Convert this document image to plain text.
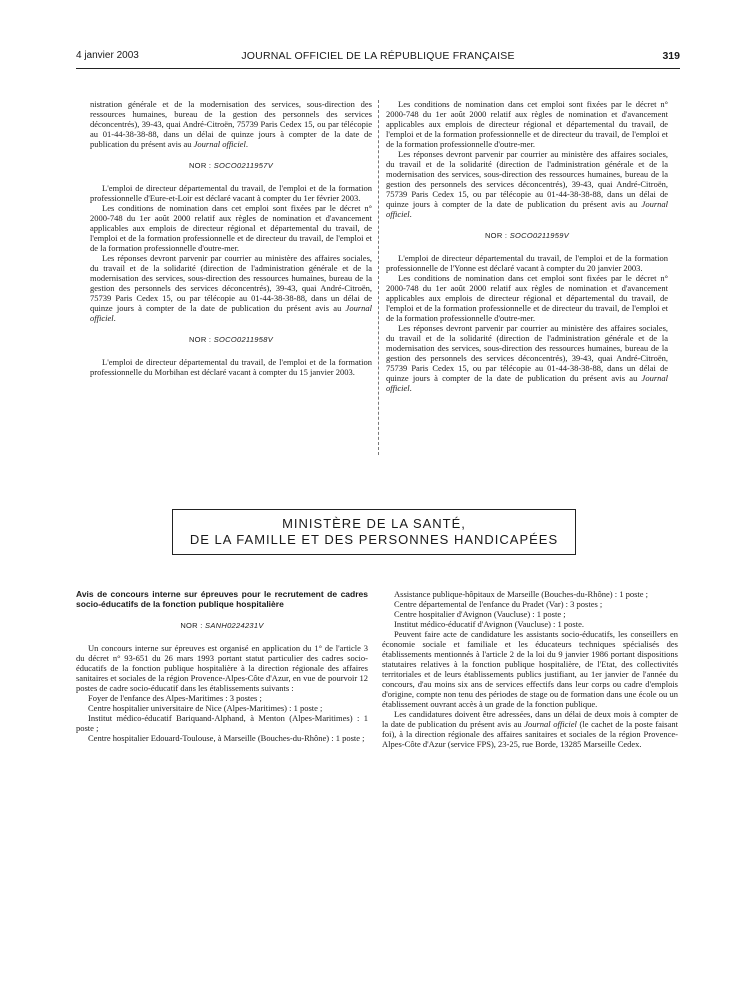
4 janvier 2003	JOURNAL OFFICIEL DE LA RÉPUBLIQUE FRANÇAISE	319

nistration générale et de la modernisation des services, sous-direction des ressources humaines, bureau de la gestion des personnels des services déconcentrés), 39-43, quai André-Citroën, 75739 Paris Cedex 15, ou par télécopie au 01-44-38-38-88, dans un délai de quinze jours à compter de la date de publication du présent avis au Journal officiel.

NOR : SOCO0211957V

L'emploi de directeur départemental du travail, de l'emploi et de la formation professionnelle d'Eure-et-Loir est déclaré vacant à compter du 1er février 2003.

Les conditions de nomination dans cet emploi sont fixées par le décret n° 2000-748 du 1er août 2000 relatif aux règles de nomination et d'avancement applicables aux emplois de directeur régional et départemental du travail, de l'emploi et de la formation professionnelle et de directeur du travail, de l'emploi et de la formation professionnelle d'outre-mer.

Les réponses devront parvenir par courrier au ministère des affaires sociales, du travail et de la solidarité (direction de l'administration générale et de la modernisation des services, sous-direction des ressources humaines, bureau de la gestion des personnels des services déconcentrés), 39-43, quai André-Citroën, 75739 Paris Cedex 15, ou par télécopie au 01-44-38-38-88, dans un délai de quinze jours à compter de la date de publication du présent avis au Journal officiel.

NOR : SOCO0211958V

L'emploi de directeur départemental du travail, de l'emploi et de la formation professionnelle du Morbihan est déclaré vacant à compter du 15 janvier 2003.

Les conditions de nomination dans cet emploi sont fixées par le décret n° 2000-748 du 1er août 2000 relatif aux règles de nomination et d'avancement applicables aux emplois de directeur régional et départemental du travail, de l'emploi et de la formation professionnelle et de directeur du travail, de l'emploi et de la formation professionnelle d'outre-mer.

Les réponses devront parvenir par courrier au ministère des affaires sociales, du travail et de la solidarité (direction de l'administration générale et de la modernisation des services, sous-direction des ressources humaines, bureau de la gestion des personnels des services déconcentrés), 39-43, quai André-Citroën, 75739 Paris Cedex 15, ou par télécopie au 01-44-38-38-88, dans un délai de quinze jours à compter de la date de publication du présent avis au Journal officiel.

NOR : SOCO0211959V

L'emploi de directeur départemental du travail, de l'emploi et de la formation professionnelle de l'Yonne est déclaré vacant à compter du 20 janvier 2003.

Les conditions de nomination dans cet emploi sont fixées par le décret n° 2000-748 du 1er août 2000 relatif aux règles de nomination et d'avancement applicables aux emplois de directeur régional et départemental du travail, de l'emploi et de la formation professionnelle et de directeur du travail, de l'emploi et de la formation professionnelle d'outre-mer.

Les réponses devront parvenir par courrier au ministère des affaires sociales, du travail et de la solidarité (direction de l'administration générale et de la modernisation des services, sous-direction des ressources humaines, bureau de la gestion des personnels des services déconcentrés), 39-43, quai André-Citroën, 75739 Paris Cedex 15, ou par télécopie au 01-44-38-38-88, dans un délai de quinze jours à compter de la date de publication du présent avis au Journal officiel.

MINISTÈRE DE LA SANTÉ,
DE LA FAMILLE ET DES PERSONNES HANDICAPÉES

Avis de concours interne sur épreuves pour le recrutement de cadres socio-éducatifs de la fonction publique hospitalière

NOR : SANH0224231V

Un concours interne sur épreuves est organisé en application du 1° de l'article 3 du décret n° 93-651 du 26 mars 1993 portant statut particulier des cadres socio-éducatifs de la fonction publique hospitalière à la direction régionale des affaires sanitaires et sociales de la région Provence-Alpes-Côte d'Azur, en vue de pourvoir 12 postes de cadre socio-éducatif dans les établissements suivants :

Foyer de l'enfance des Alpes-Maritimes : 3 postes ;

Centre hospitalier universitaire de Nice (Alpes-Maritimes) : 1 poste ;

Institut médico-éducatif Bariquand-Alphand, à Menton (Alpes-Maritimes) : 1 poste ;

Centre hospitalier Edouard-Toulouse, à Marseille (Bouches-du-Rhône) : 1 poste ;

Assistance publique-hôpitaux de Marseille (Bouches-du-Rhône) : 1 poste ;

Centre départemental de l'enfance du Pradet (Var) : 3 postes ;

Centre hospitalier d'Avignon (Vaucluse) : 1 poste ;

Institut médico-éducatif d'Avignon (Vaucluse) : 1 poste.

Peuvent faire acte de candidature les assistants socio-éducatifs, les conseillers en économie sociale et familiale et les éducateurs techniques spécialisés des établissements mentionnés à l'article 2 de la loi du 9 janvier 1986 portant dispositions statutaires relatives à la fonction publique hospitalière, de l'Etat, des collectivités territoriales et de leurs établissements publics justifiant, au 1er janvier de l'année du concours, d'au moins six ans de services effectifs dans leur corps ou cadre d'emplois d'origine, compte non tenu des périodes de stage ou de formation dans une école ou un établissement ouvrant accès à un grade de la fonction publique.

Les candidatures doivent être adressées, dans un délai de deux mois à compter de la date de publication du présent avis au Journal officiel (le cachet de la poste faisant foi), à la direction régionale des affaires sanitaires et sociales de la région Provence-Alpes-Côte d'Azur (service FPS), 23-25, rue Borde, 13285 Marseille Cedex.
